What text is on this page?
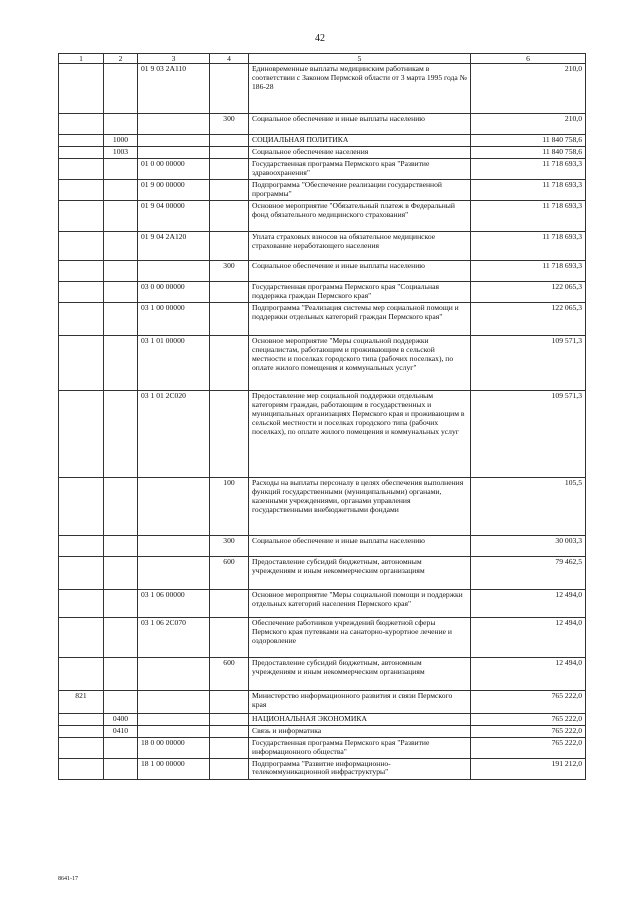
42
1	2	3	4	5	6
		01 9 03 2А110		Единовременные выплаты медицинским работникам в соответствии с Законом Пермской области от 3 марта 1995 года № 186-28	210,0
			300	Социальное обеспечение и иные выплаты населению	210,0
	1000			СОЦИАЛЬНАЯ ПОЛИТИКА	11 840 758,6
	1003			Социальное обеспечение населения	11 840 758,6
		01 0 00 00000		Государственная программа Пермского края "Развитие здравоохранения"	11 718 693,3
		01 9 00 00000		Подпрограмма "Обеспечение реализации государственной программы"	11 718 693,3
		01 9 04 00000		Основное мероприятие "Обязательный платеж в Федеральный фонд обязательного медицинского страхования"	11 718 693,3
		01 9 04 2А120		Уплата страховых взносов на обязательное медицинское страхование неработающего населения	11 718 693,3
			300	Социальное обеспечение и иные выплаты населению	11 718 693,3
		03 0 00 00000		Государственная программа Пермского края "Социальная поддержка граждан Пермского края"	122 065,3
		03 1 00 00000		Подпрограмма "Реализация системы мер социальной помощи и поддержки отдельных категорий граждан Пермского края"	122 065,3
		03 1 01 00000		Основное мероприятие "Меры социальной поддержки специалистам, работающим и проживающим в сельской местности и поселках городского типа (рабочих поселках), по оплате жилого помещения и коммунальных услуг"	109 571,3
		03 1 01 2С020		Предоставление мер социальной поддержки отдельным категориям граждан, работающим в государственных и муниципальных организациях Пермского края и проживающим в сельской местности и поселках городского типа (рабочих поселках), по оплате жилого помещения и коммунальных услуг	109 571,3
			100	Расходы на выплаты персоналу в целях обеспечения выполнения функций государственными (муниципальными) органами, казенными учреждениями, органами управления государственными внебюджетными фондами	105,5
			300	Социальное обеспечение и иные выплаты населению	30 003,3
			600	Предоставление субсидий бюджетным, автономным учреждениям и иным некоммерческим организациям	79 462,5
		03 1 06 00000		Основное мероприятие "Меры социальной помощи и поддержки отдельных категорий населения Пермского края"	12 494,0
		03 1 06 2С070		Обеспечение работников учреждений бюджетной сферы Пермского края путевками на санаторно-курортное лечение и оздоровление	12 494,0
			600	Предоставление субсидий бюджетным, автономным учреждениям и иным некоммерческим организациям	12 494,0
821				Министерство информационного развития и связи Пермского края	765 222,0
	0400			НАЦИОНАЛЬНАЯ ЭКОНОМИКА	765 222,0
	0410			Связь и информатика	765 222,0
		18 0 00 00000		Государственная программа Пермского края "Развитие информационного общества"	765 222,0
		18 1 00 00000		Подпрограмма "Развитие информационно-телекоммуникационной инфраструктуры"	191 212,0
8641-17
